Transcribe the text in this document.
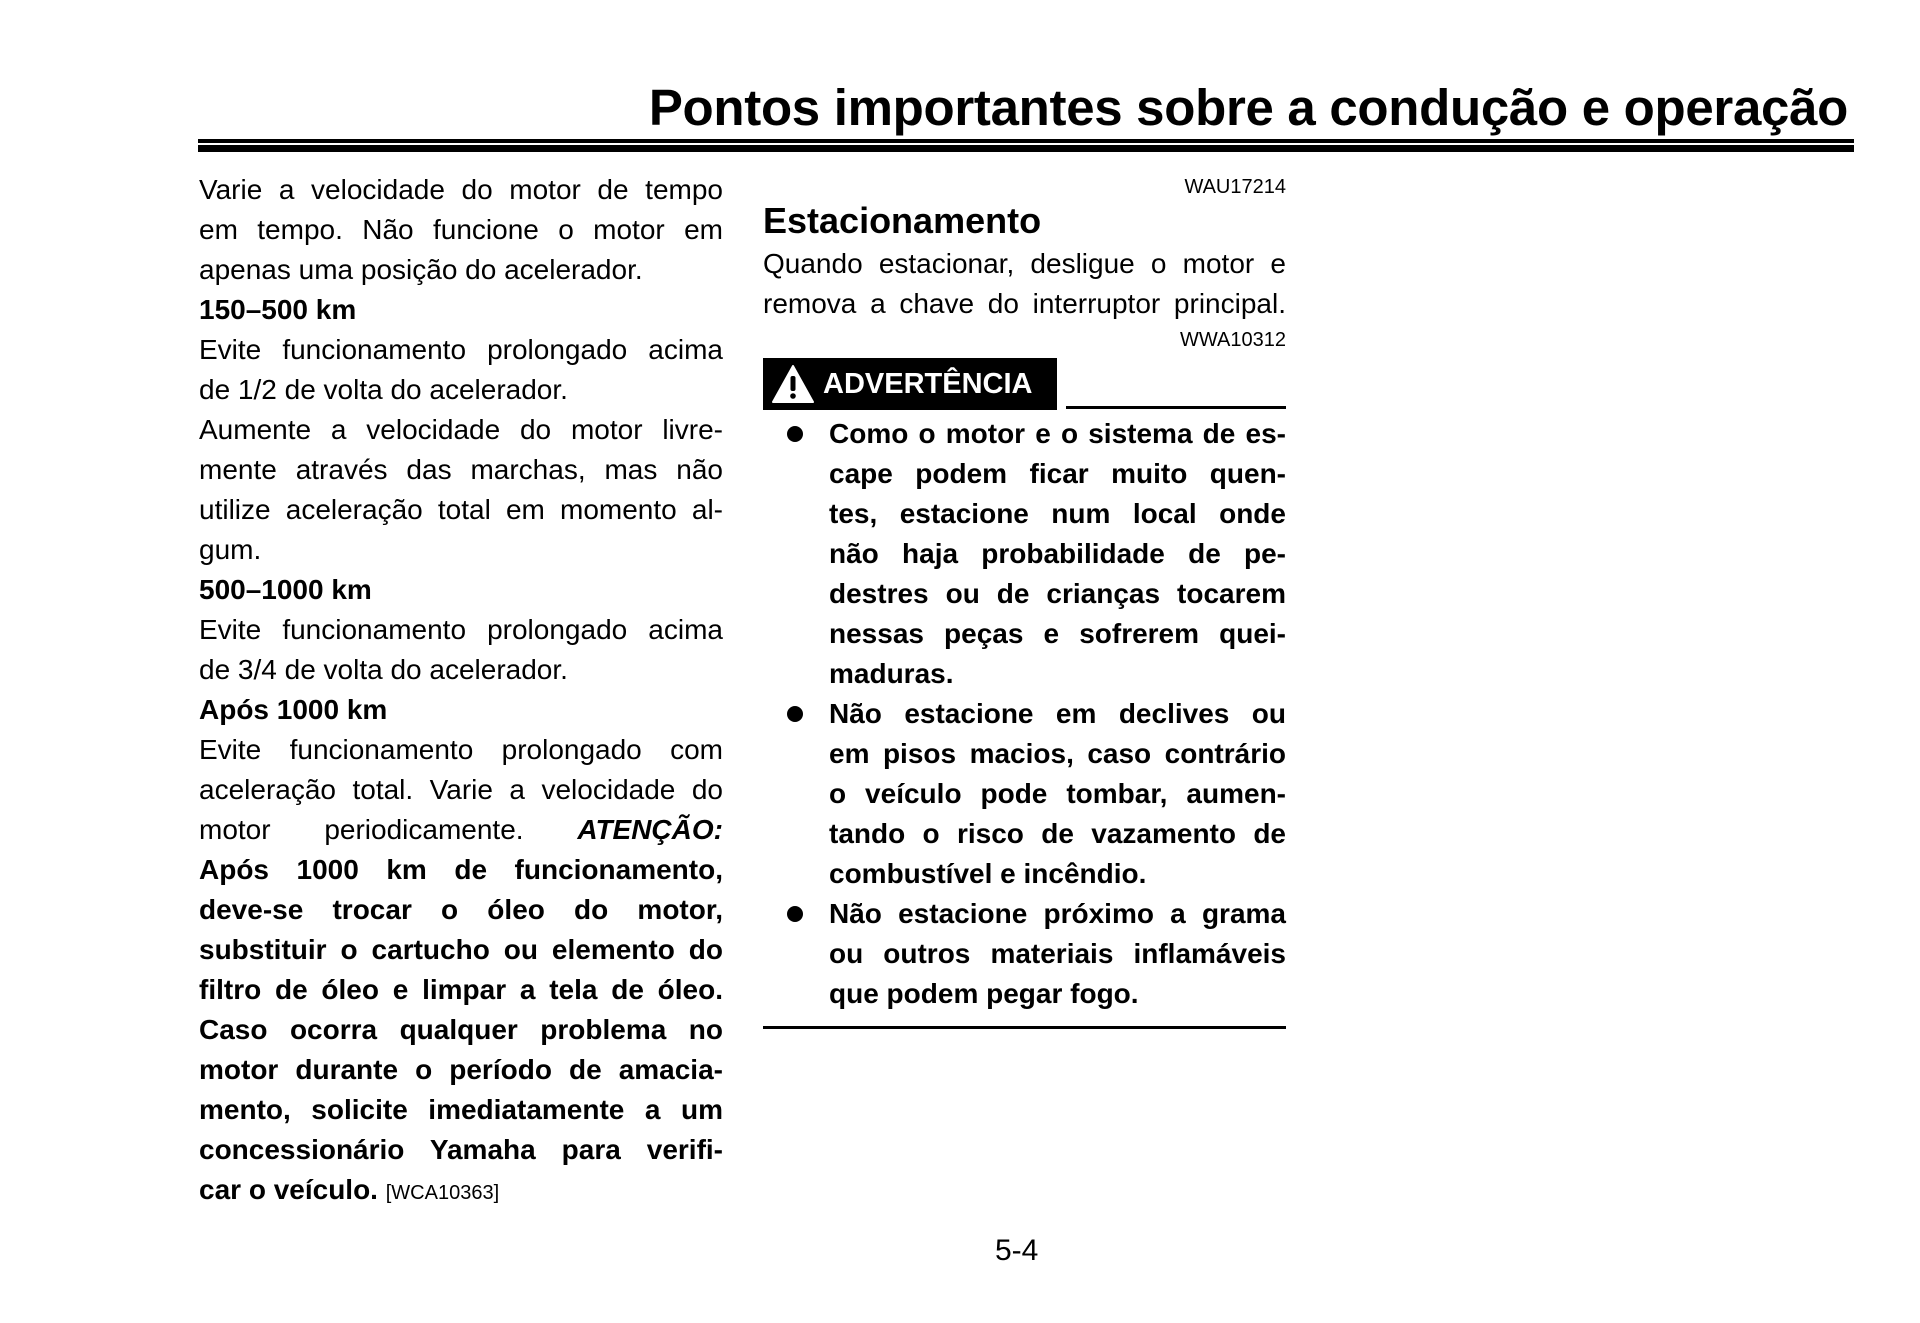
Pontos importantes sobre a condução e operação
Varie a velocidade do motor de tempo
em tempo. Não funcione o motor em
apenas uma posição do acelerador.
150–500 km
Evite funcionamento prolongado acima
de 1/2 de volta do acelerador.
Aumente a velocidade do motor livre-
mente através das marchas, mas não
utilize aceleração total em momento al-
gum.
500–1000 km
Evite funcionamento prolongado acima
de 3/4 de volta do acelerador.
Após 1000 km
Evite funcionamento prolongado com
aceleração total. Varie a velocidade do
motor periodicamente. ATENÇÃO:
Após 1000 km de funcionamento,
deve-se trocar o óleo do motor,
substituir o cartucho ou elemento do
filtro de óleo e limpar a tela de óleo.
Caso ocorra qualquer problema no
motor durante o período de amacia-
mento, solicite imediatamente a um
concessionário Yamaha para verifi-
car o veículo. [WCA10363]
WAU17214
Estacionamento
Quando estacionar, desligue o motor e
remova a chave do interruptor principal.
WWA10312
ADVERTÊNCIA
Como o motor e o sistema de es-
cape podem ficar muito quen-
tes, estacione num local onde
não haja probabilidade de pe-
destres ou de crianças tocarem
nessas peças e sofrerem quei-
maduras.
Não estacione em declives ou
em pisos macios, caso contrário
o veículo pode tombar, aumen-
tando o risco de vazamento de
combustível e incêndio.
Não estacione próximo a grama
ou outros materiais inflamáveis
que podem pegar fogo.
5-4
